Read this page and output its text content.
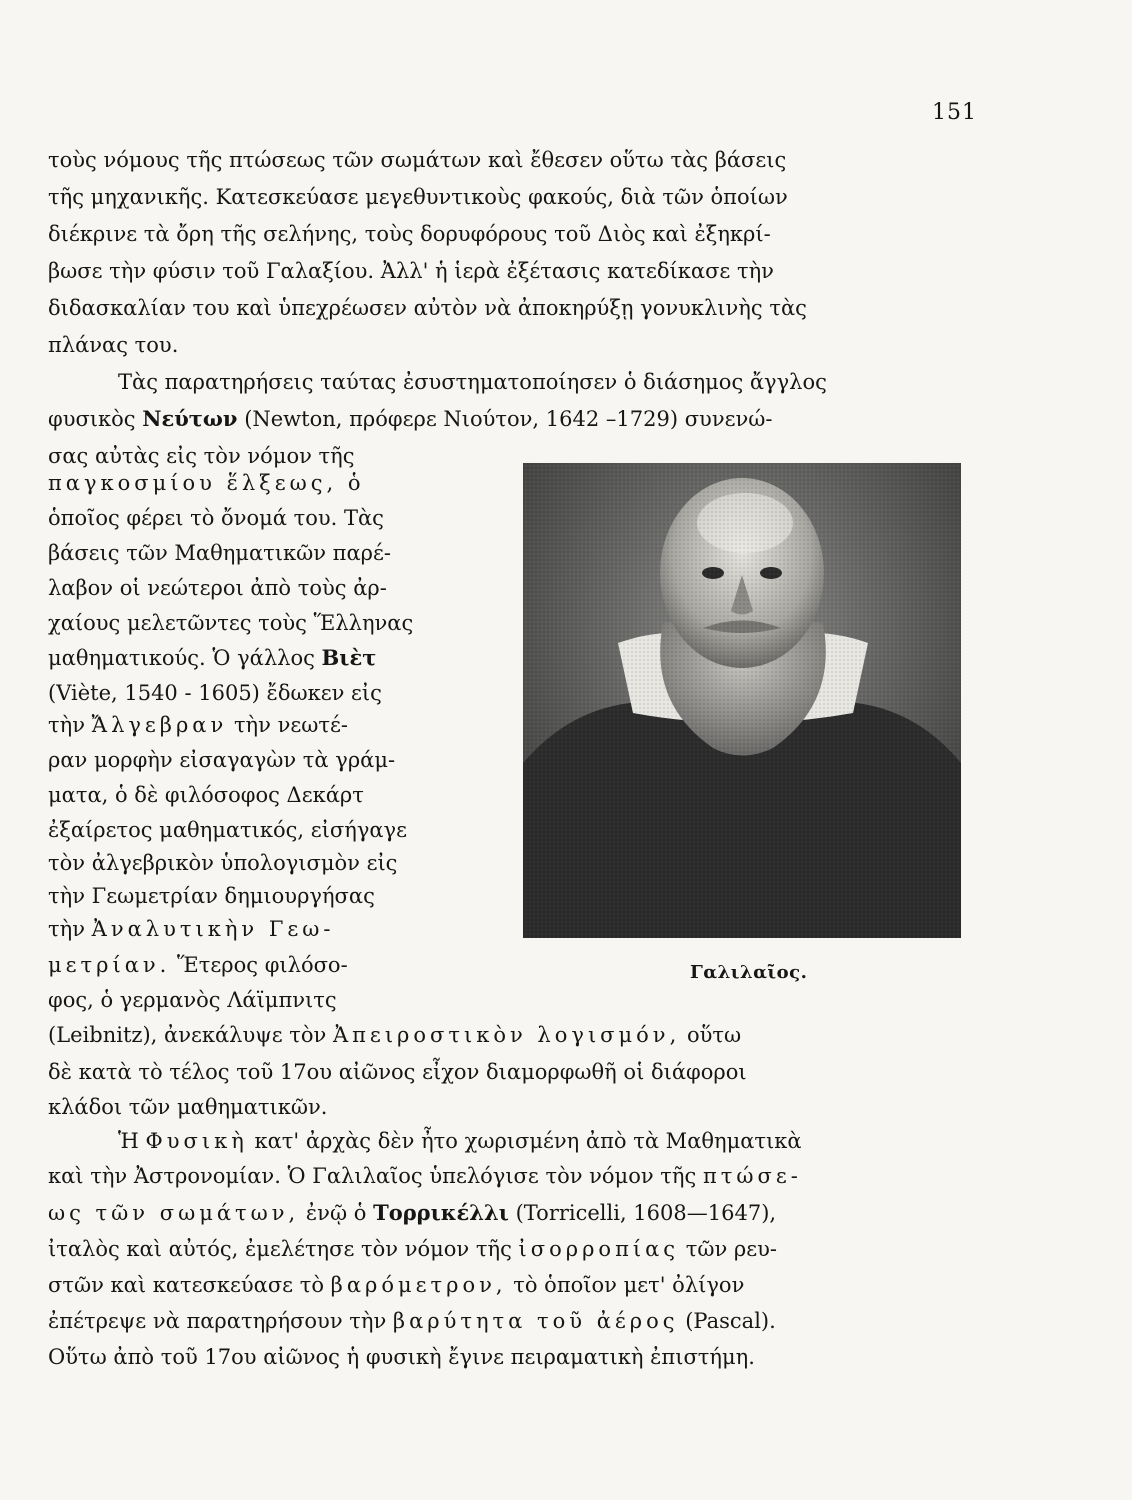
151
τοὺς νόμους τῆς πτώσεως τῶν σωμάτων καὶ ἔθεσεν οὕτω τὰς βάσεις
τῆς μηχανικῆς. Κατεσκεύασε μεγεθυντικοὺς φακούς, διὰ τῶν ὁποίων
διέκρινε τὰ ὄρη τῆς σελήνης, τοὺς δορυφόρους τοῦ Διὸς καὶ ἐξηκρί-
βωσε τὴν φύσιν τοῦ Γαλαξίου. Ἀλλ' ἡ ἱερὰ ἐξέτασις κατεδίκασε τὴν
διδασκαλίαν του καὶ ὑπεχρέωσεν αὐτὸν νὰ ἀποκηρύξῃ γονυκλινὴς τὰς
πλάνας του.
Τὰς παρατηρήσεις ταύτας ἐσυστηματοποίησεν ὁ διάσημος ἄγγλος
φυσικὸς Νεύτων (Newton, πρόφερε Νιούτον, 1642 –1729) συνενώ-
σας αὐτὰς εἰς τὸν νόμον τῆς
παγκοσμίου ἕλξεως, ὁ
ὁποῖος φέρει τὸ ὄνομά του. Τὰς
βάσεις τῶν Μαθηματικῶν παρέ-
λαβον οἱ νεώτεροι ἀπὸ τοὺς ἀρ-
χαίους μελετῶντες τοὺς Ἕλληνας
μαθηματικούς. Ὁ γάλλος Βιὲτ
(Viète, 1540 - 1605) ἔδωκεν εἰς
τὴν Ἄλγεβραν τὴν νεωτέ-
ραν μορφὴν εἰσαγαγὼν τὰ γράμ-
ματα, ὁ δὲ φιλόσοφος Δεκάρτ
ἐξαίρετος μαθηματικός, εἰσήγαγε
τὸν ἀλγεβρικὸν ὑπολογισμὸν εἰς
τὴν Γεωμετρίαν δημιουργήσας
τὴν Ἀναλυτικὴν Γεω-
μετρίαν. Ἕτερος φιλόσο-
φος, ὁ γερμανὸς Λάϊμπνιτς
(Leibnitz), ἀνεκάλυψε τὸν Ἀπειροστικὸν λογισμόν, οὕτω
δὲ κατὰ τὸ τέλος τοῦ 17ου αἰῶνος εἶχον διαμορφωθῆ οἱ διάφοροι
κλάδοι τῶν μαθηματικῶν.
Ἡ Φυσικὴ κατ' ἀρχὰς δὲν ἦτο χωρισμένη ἀπὸ τὰ Μαθηματικὰ
καὶ τὴν Ἀστρονομίαν. Ὁ Γαλιλαῖος ὑπελόγισε τὸν νόμον τῆς πτώσε-
ως τῶν σωμάτων, ἐνῷ ὁ Τορρικέλλι (Torricelli, 1608—1647),
ἰταλὸς καὶ αὐτός, ἐμελέτησε τὸν νόμον τῆς ἰσορροπίας τῶν ρευ-
στῶν καὶ κατεσκεύασε τὸ βαρόμετρον, τὸ ὁποῖον μετ' ὀλίγον
ἐπέτρεψε νὰ παρατηρήσουν τὴν βαρύτητα τοῦ ἀέρος (Pascal).
Οὕτω ἀπὸ τοῦ 17ου αἰῶνος ἡ φυσικὴ ἔγινε πειραματικὴ ἐπιστήμη.
Γαλιλαῖος.
